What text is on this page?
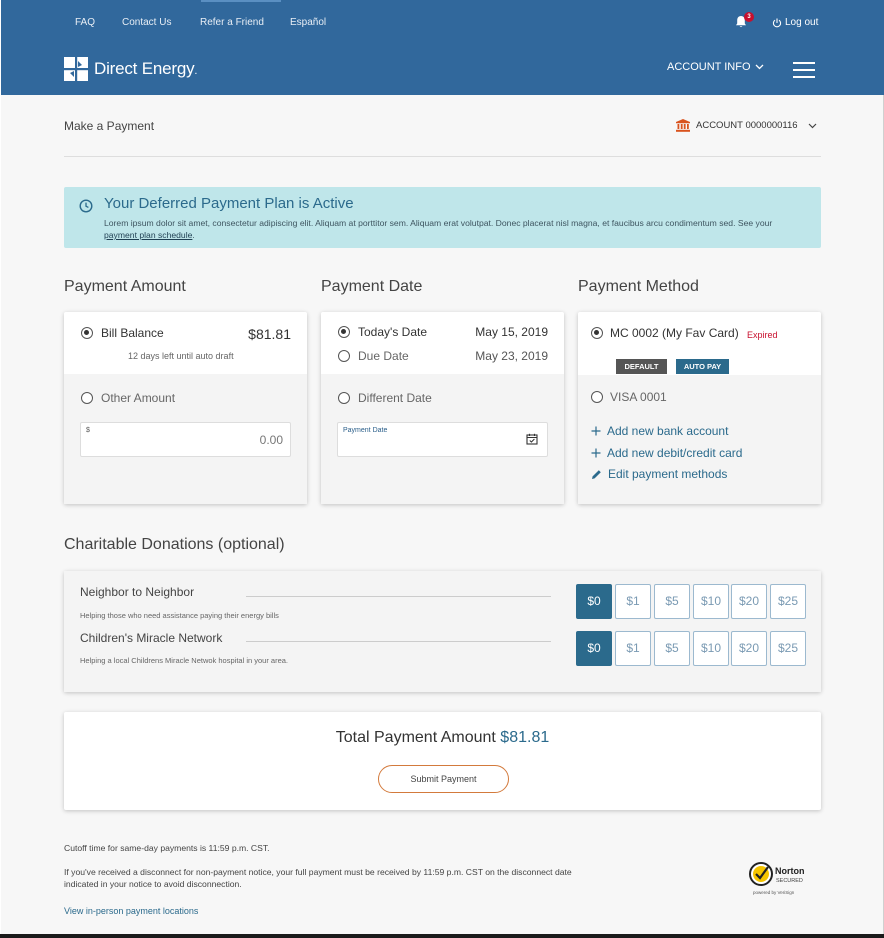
FAQ	Contact Us	Refer a Friend	Español	3	Log out
Direct Energy.	ACCOUNT INFO
Make a Payment	ACCOUNT 0000000116
Your Deferred Payment Plan is Active
Lorem ipsum dolor sit amet, consectetur adipiscing elit. Aliquam at porttitor sem. Aliquam erat volutpat. Donec placerat nisl magna, et faucibus arcu condimentum sed. See your payment plan schedule.
Payment Amount	Payment Date	Payment Method
Bill Balance	$81.81
12 days left until auto draft
Other Amount
$
0.00
Today's Date	May 15, 2019
Due Date	May 23, 2019
Different Date
Payment Date
MC 0002 (My Fav Card) Expired
DEFAULT	AUTO PAY
VISA 0001
Add new bank account
Add new debit/credit card
Edit payment methods
Charitable Donations (optional)
Neighbor to Neighbor
Helping those who need assistance paying their energy bills
$0	$1	$5	$10	$20	$25
Children's Miracle Network
Helping a local Childrens Miracle Netwok hospital in your area.
$0	$1	$5	$10	$20	$25
Total Payment Amount $81.81
Submit Payment
Cutoff time for same-day payments is 11:59 p.m. CST.
If you've received a disconnect for non-payment notice, your full payment must be received by 11:59 p.m. CST on the disconnect date indicated in your notice to avoid disconnection.
View in-person payment locations
Norton
SECURED
powered by VeriSign
